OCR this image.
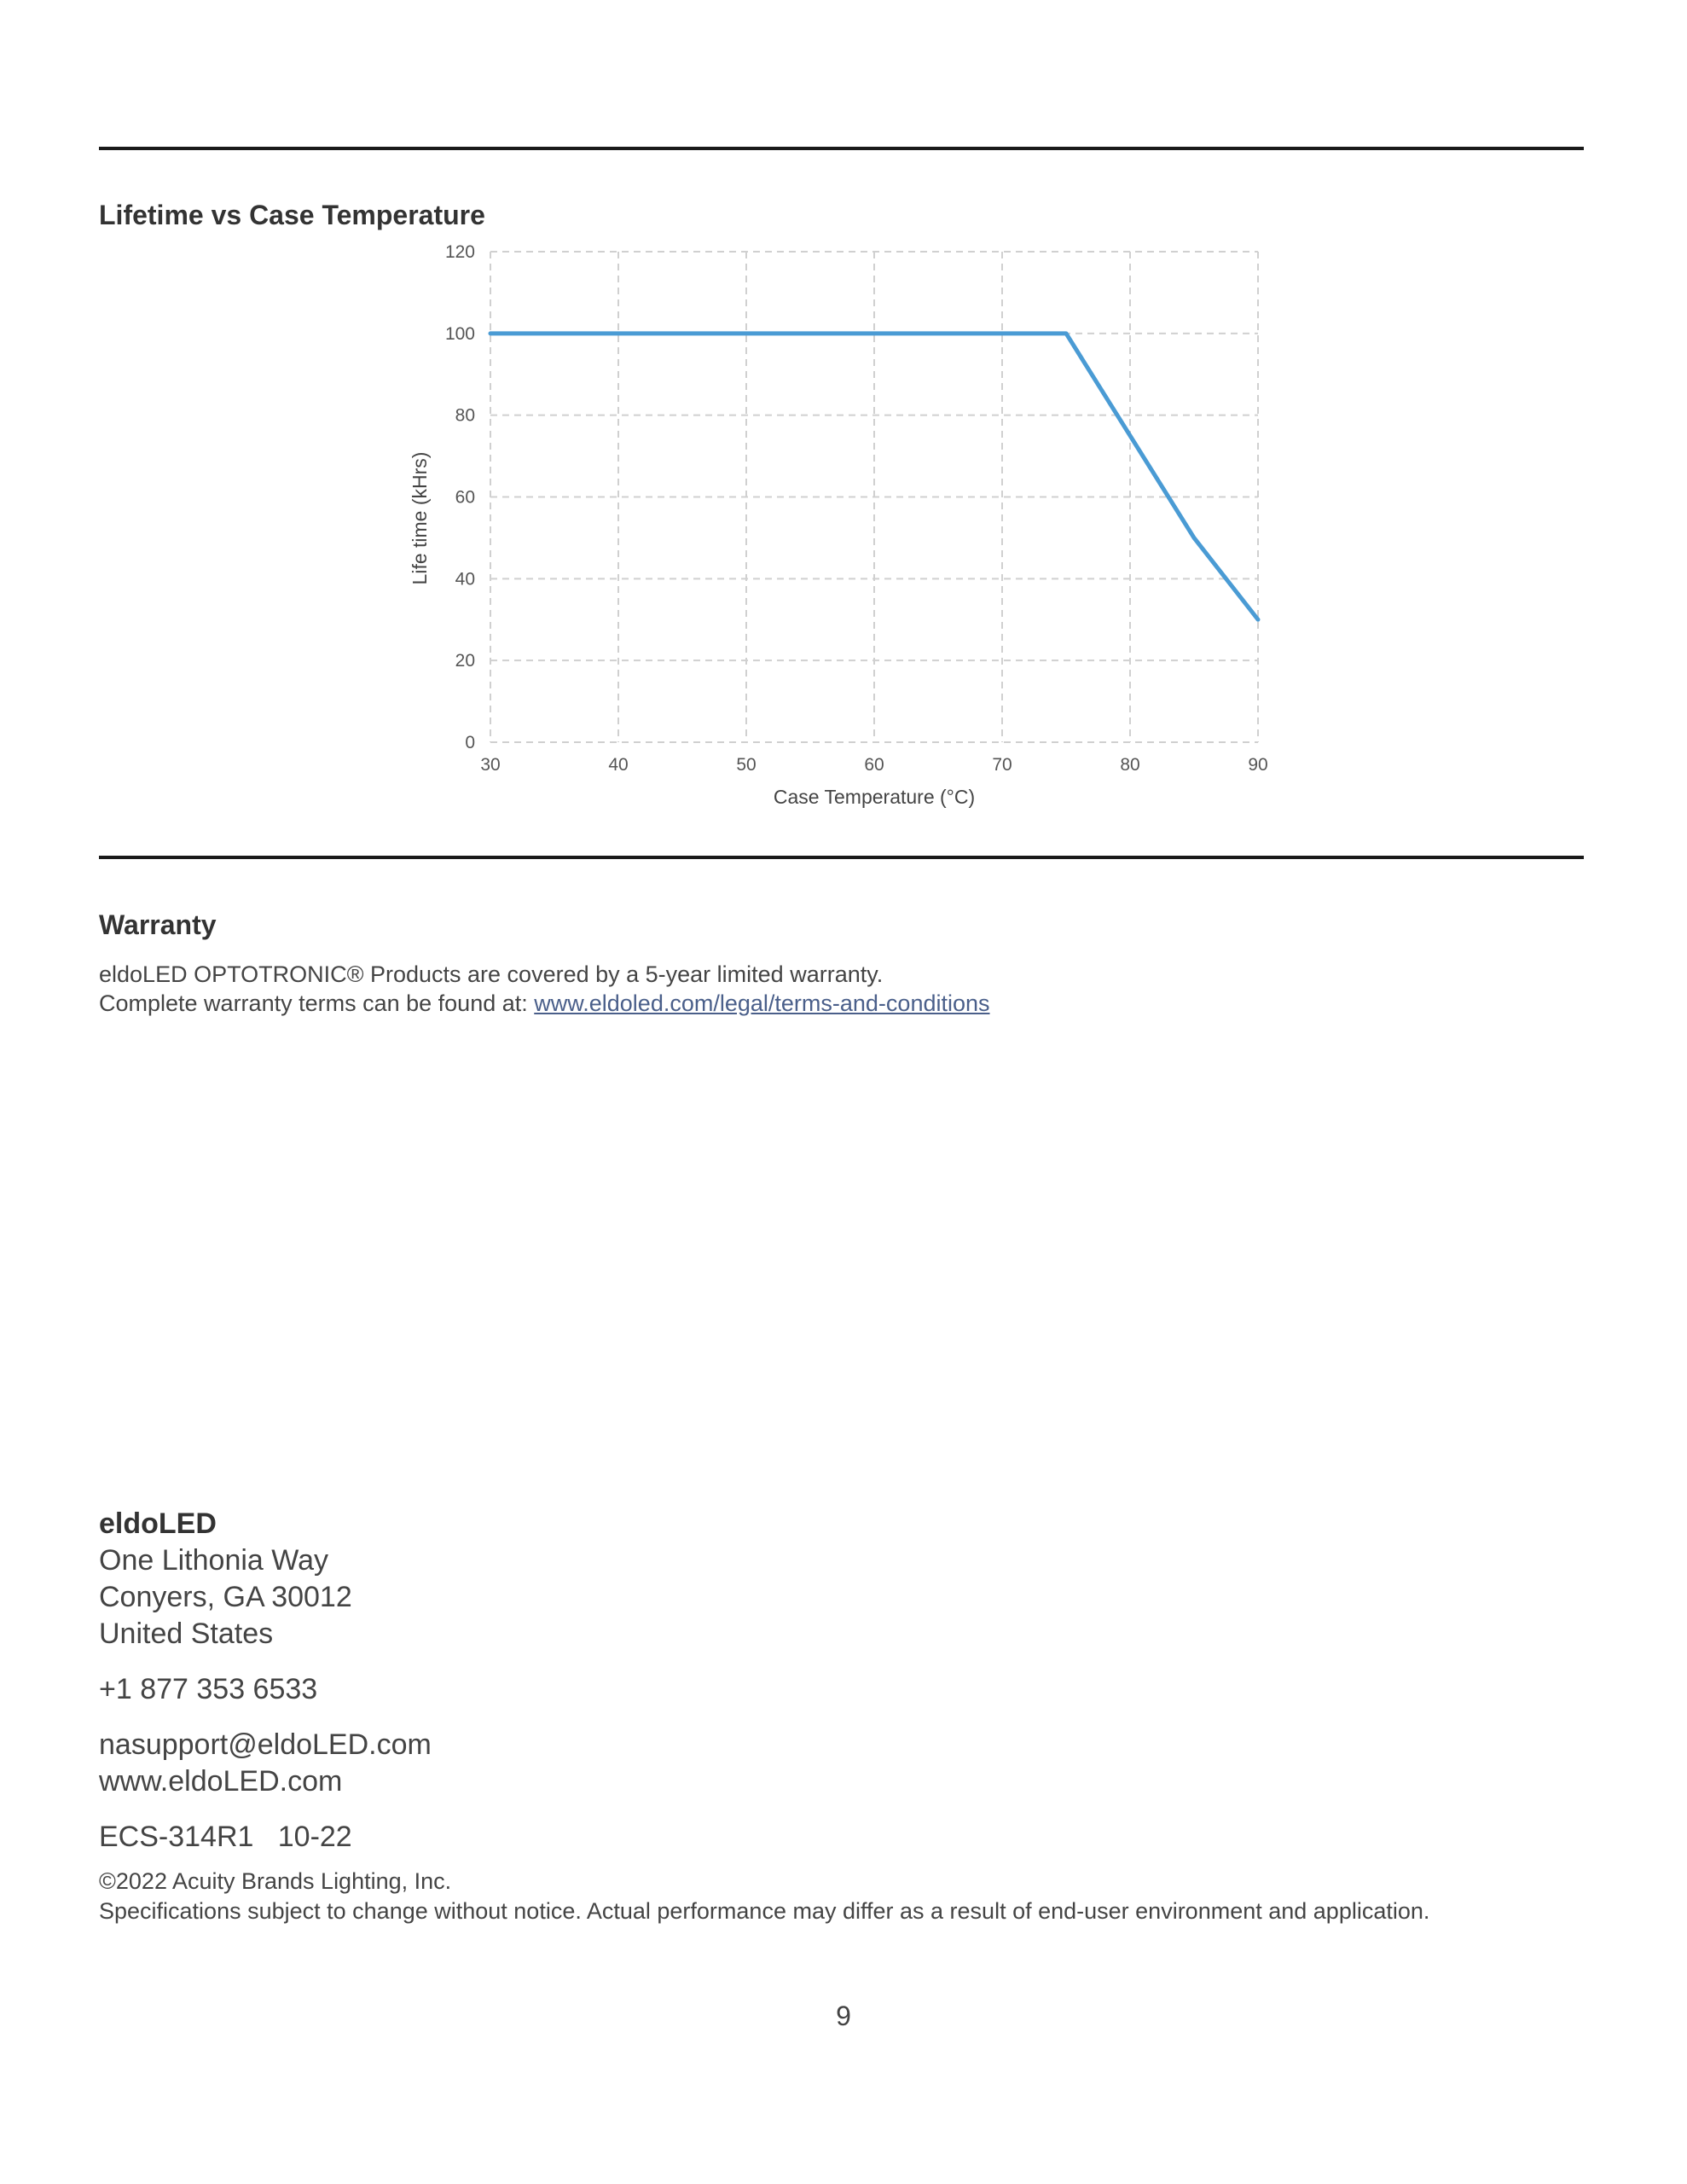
Lifetime vs Case Temperature
0
20
40
60
80
100
120
30	40	50	60	70	80	90
Case Temperature (°C)
Life time (kHrs)
Warranty
eldoLED OPTOTRONIC® Products are covered by a 5-year limited warranty.
Complete warranty terms can be found at: www.eldoled.com/legal/terms-and-conditions
eldoLED
One Lithonia Way
Conyers, GA 30012
United States
+1 877 353 6533
nasupport@eldoLED.com
www.eldoLED.com
ECS-314R1   10-22
©2022 Acuity Brands Lighting, Inc.
Specifications subject to change without notice. Actual performance may differ as a result of end-user environment and application.
9
